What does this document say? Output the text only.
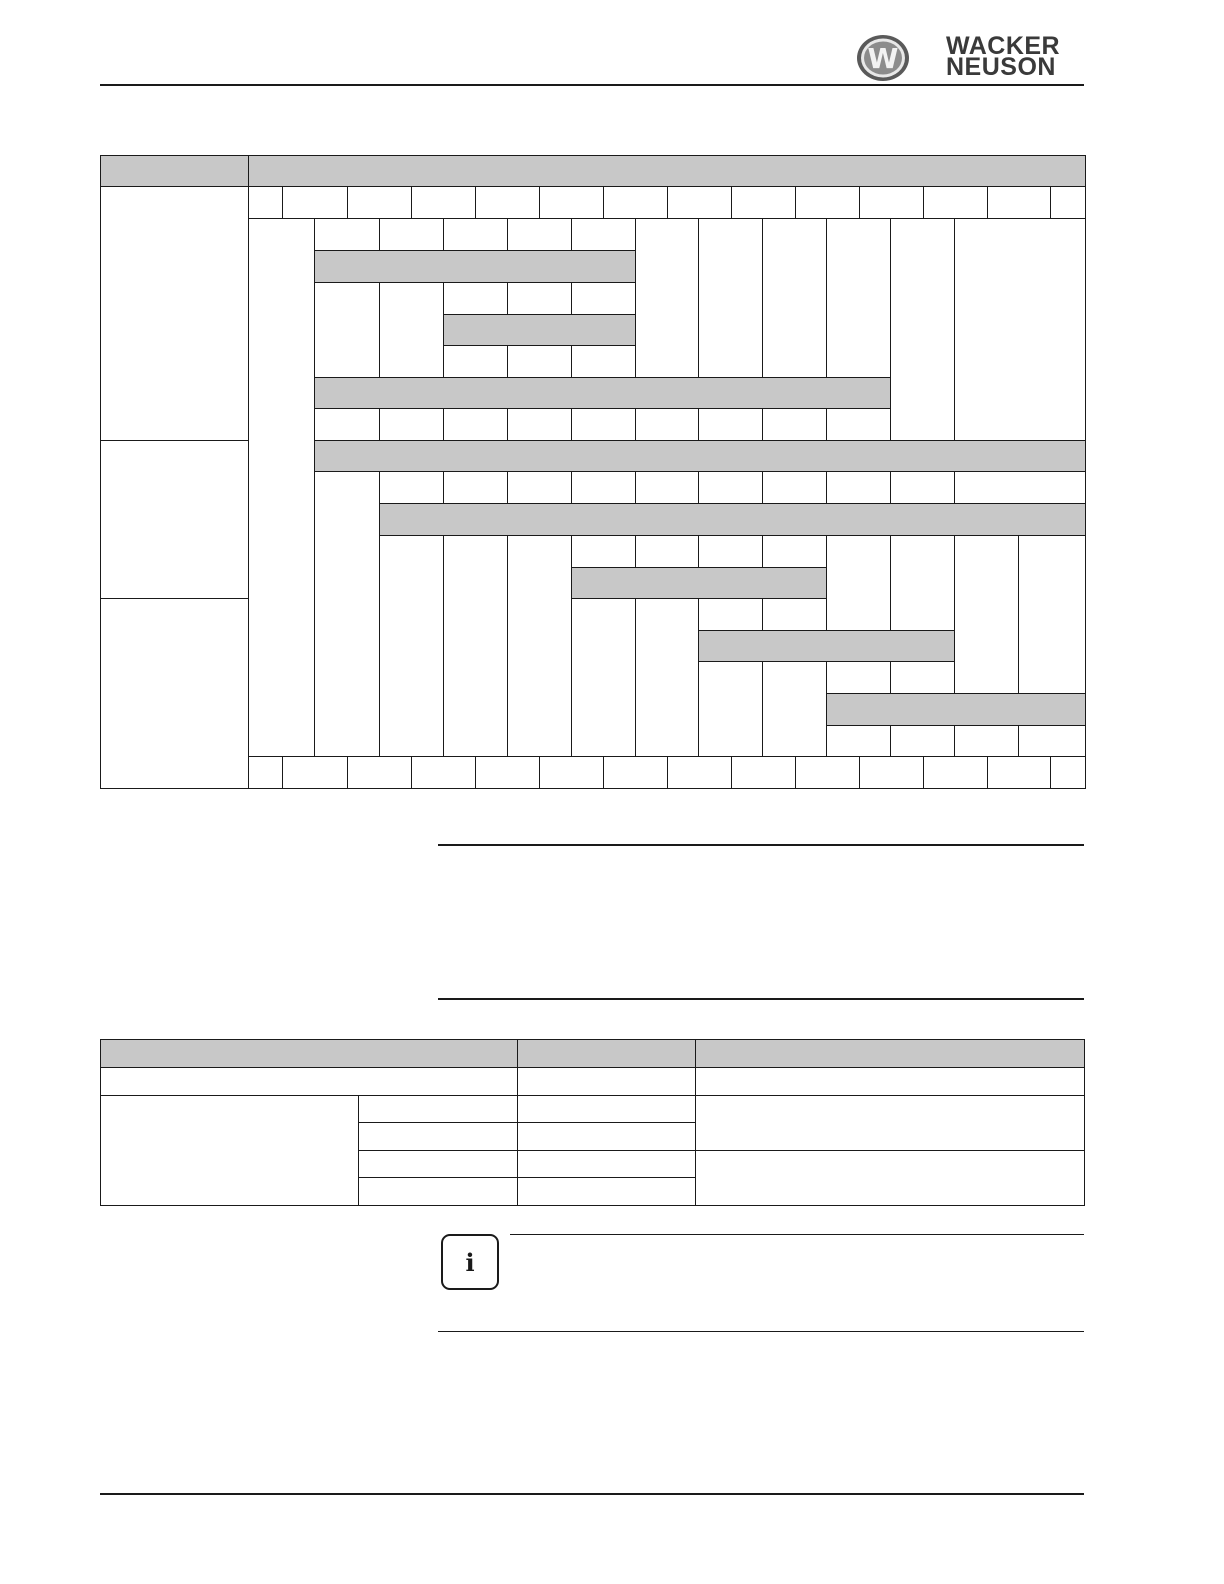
W WACKER
NEUSON
i
